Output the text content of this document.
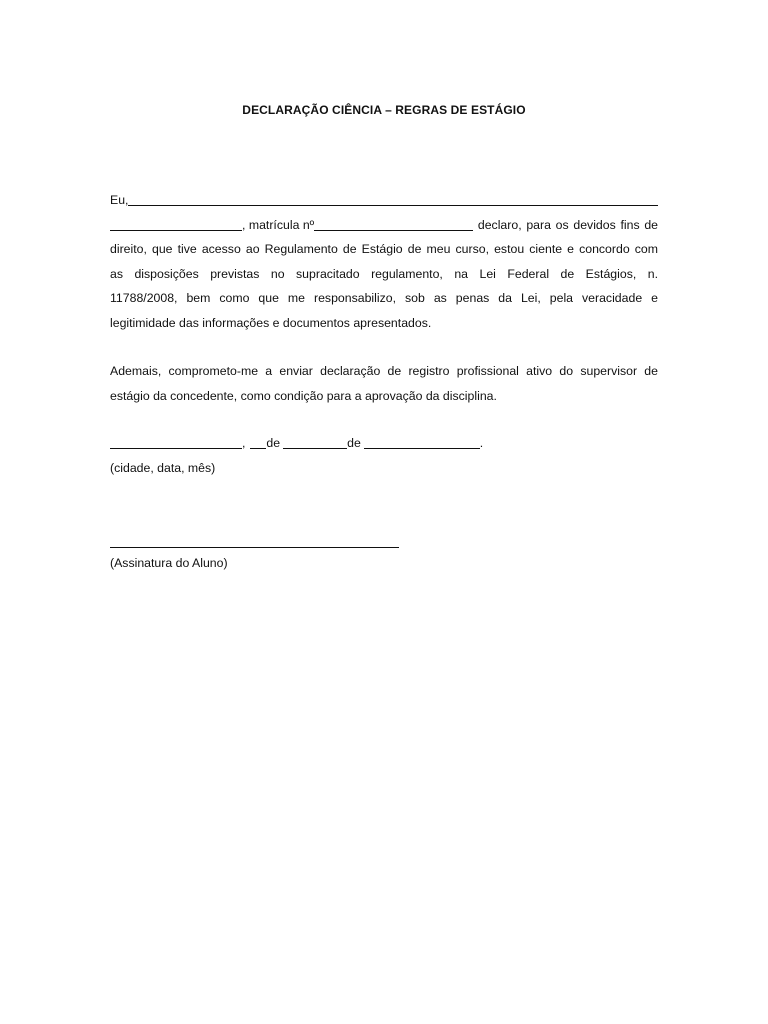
DECLARAÇÃO CIÊNCIA – REGRAS DE ESTÁGIO
Eu,
, matrícula nº	declaro, para os devidos fins de
direito, que tive acesso ao Regulamento de Estágio de meu curso, estou ciente e concordo com
as disposições previstas no supracitado regulamento, na Lei Federal de Estágios, n.
11788/2008, bem como que me responsabilizo, sob as penas da Lei, pela veracidade e
legitimidade das informações e documentos apresentados.
Ademais, comprometo-me a enviar declaração de registro profissional ativo do supervisor de
estágio da concedente, como condição para a aprovação da disciplina.
, de	de	.
(cidade, data, mês)
(Assinatura do Aluno)
